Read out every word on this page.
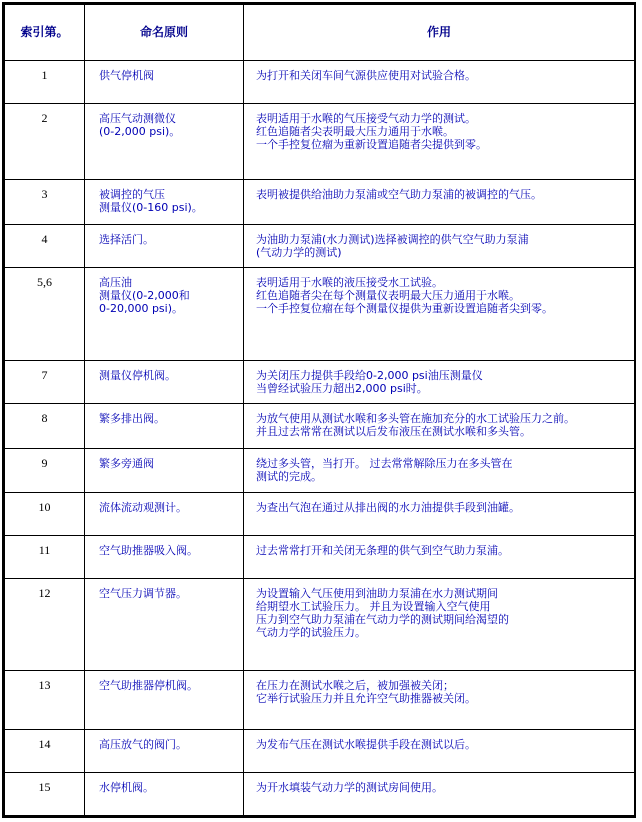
索引第。	命名原则	作用
1	供气停机阀	为打开和关闭车间气源供应使用对试验合格。

2	高压气动测微仪
(0-2,000 psi)。	表明适用于水喉的气压接受气动力学的测试。
红色追随者尖表明最大压力通用于水喉。
一个手控复位瘤为重新设置追随者尖提供到零。

3	被调控的气压
测量仪(0-160 psi)。	表明被提供给油助力泵浦或空气助力泵浦的被调控的气压。

4	选择活门。	为油助力泵浦(水力测试)选择被调控的供气空气助力泵浦
(气动力学的测试)

5,6	高压油
测量仪(0-2,000和
0-20,000 psi)。	表明适用于水喉的液压接受水工试验。
红色追随者尖在每个测量仪表明最大压力通用于水喉。
一个手控复位瘤在每个测量仪提供为重新设置追随者尖到零。

7	测量仪停机阀。	为关闭压力提供手段给0-2,000 psi油压测量仪
当曾经试验压力超出2,000 psi时。

8	繁多排出阀。	为放气使用从测试水喉和多头管在施加充分的水工试验压力之前。
并且过去常常在测试以后发布液压在测试水喉和多头管。

9	繁多旁通阀	绕过多头管，当打开。 过去常常解除压力在多头管在
测试的完成。

10	流体流动观测计。	为查出气泡在通过从排出阀的水力油提供手段到油罐。

11	空气助推器吸入阀。	过去常常打开和关闭无条理的供气到空气助力泵浦。

12	空气压力调节器。	为设置输入气压使用到油助力泵浦在水力测试期间
给期望水工试验压力。 并且为设置输入空气使用
压力到空气助力泵浦在气动力学的测试期间给渴望的
气动力学的试验压力。

13	空气助推器停机阀。	在压力在测试水喉之后，被加强被关闭；
它举行试验压力并且允许空气助推器被关闭。

14	高压放气的阀门。	为发布气压在测试水喉提供手段在测试以后。

15	水停机阀。	为开水填装气动力学的测试房间使用。
